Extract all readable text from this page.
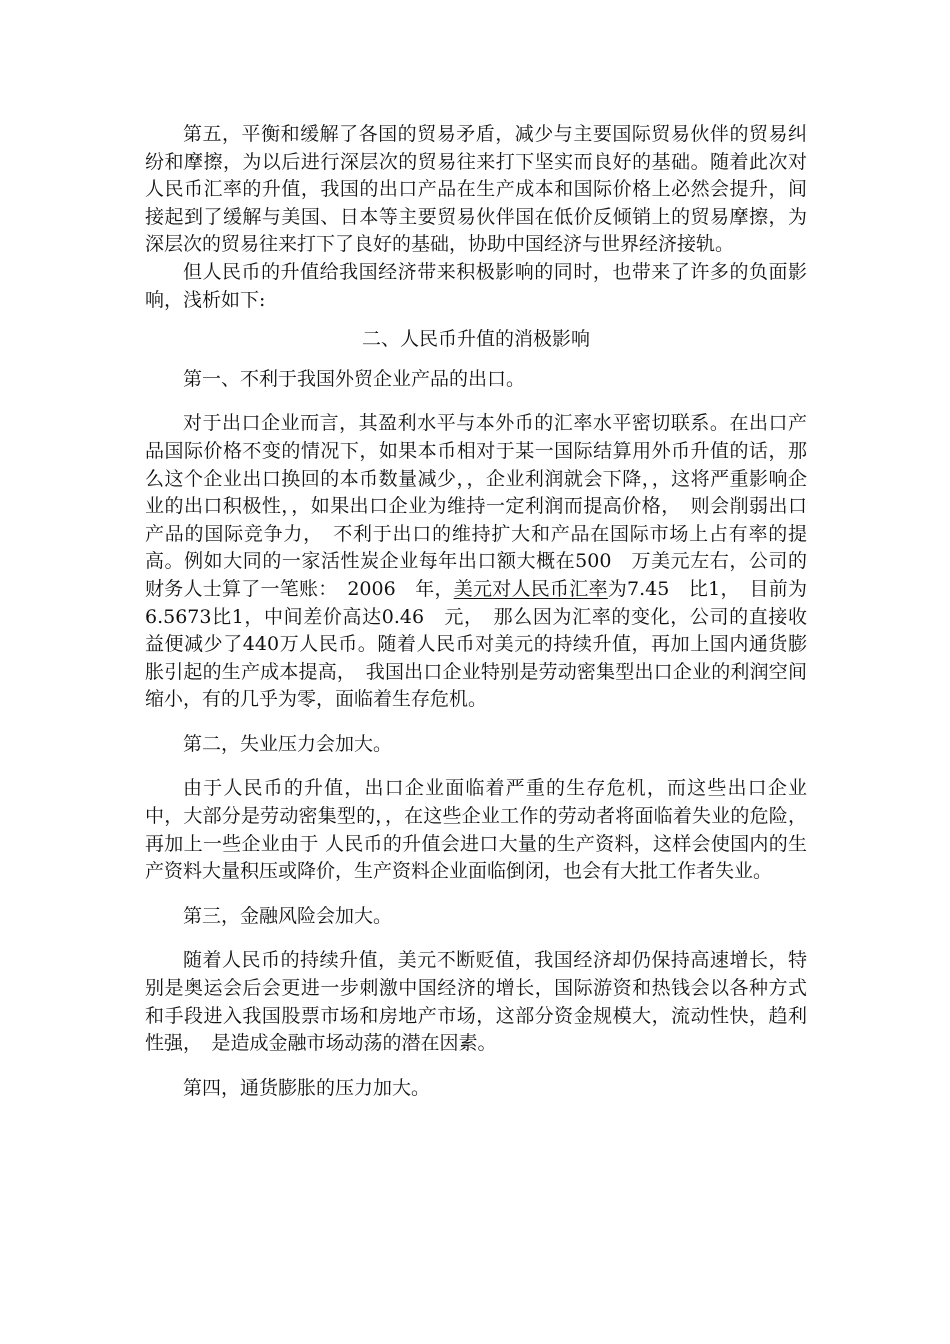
第五，平衡和缓解了各国的贸易矛盾，减少与主要国际贸易伙伴的贸易纠纷和摩擦，为以后进行深层次的贸易往来打下坚实而良好的基础。随着此次对人民币汇率的升值，我国的出口产品在生产成本和国际价格上必然会提升，间接起到了缓解与美国、日本等主要贸易伙伴国在低价反倾销上的贸易摩擦，为深层次的贸易往来打下了良好的基础，协助中国经济与世界经济接轨。

但人民币的升值给我国经济带来积极影响的同时，也带来了许多的负面影响，浅析如下:

二、人民币升值的消极影响

第一、不利于我国外贸企业产品的出口。

对于出口企业而言，其盈利水平与本外币的汇率水平密切联系。在出口产品国际价格不变的情况下，如果本币相对于某一国际结算用外币升值的话，那么这个企业出口换回的本币数量减少，，企业利润就会下降，，这将严重影响企业的出口积极性，，如果出口企业为维持一定利润而提高价格，　则会削弱出口产品的国际竞争力，　不利于出口的维持扩大和产品在国际市场上占有率的提高。例如大同的一家活性炭企业每年出口额大概在500　万美元左右，公司的财务人士算了一笔账：　2006　年，美元对人民币汇率为7.45　比1，　目前为6.5673比1，中间差价高达0.46　元，　那么因为汇率的变化，公司的直接收益便减少了440万人民币。随着人民币对美元的持续升值，再加上国内通货膨胀引起的生产成本提高，　我国出口企业特别是劳动密集型出口企业的利润空间缩小，有的几乎为零，面临着生存危机。

第二，失业压力会加大。

由于人民币的升值，出口企业面临着严重的生存危机，而这些出口企业中，大部分是劳动密集型的，，在这些企业工作的劳动者将面临着失业的危险，再加上一些企业由于 人民币的升值会进口大量的生产资料，这样会使国内的生产资料大量积压或降价，生产资料企业面临倒闭，也会有大批工作者失业。

第三，金融风险会加大。

随着人民币的持续升值，美元不断贬值，我国经济却仍保持高速增长，特别是奥运会后会更进一步刺激中国经济的增长，国际游资和热钱会以各种方式和手段进入我国股票市场和房地产市场，这部分资金规模大，流动性快，趋利性强，　是造成金融市场动荡的潜在因素。

第四，通货膨胀的压力加大。
